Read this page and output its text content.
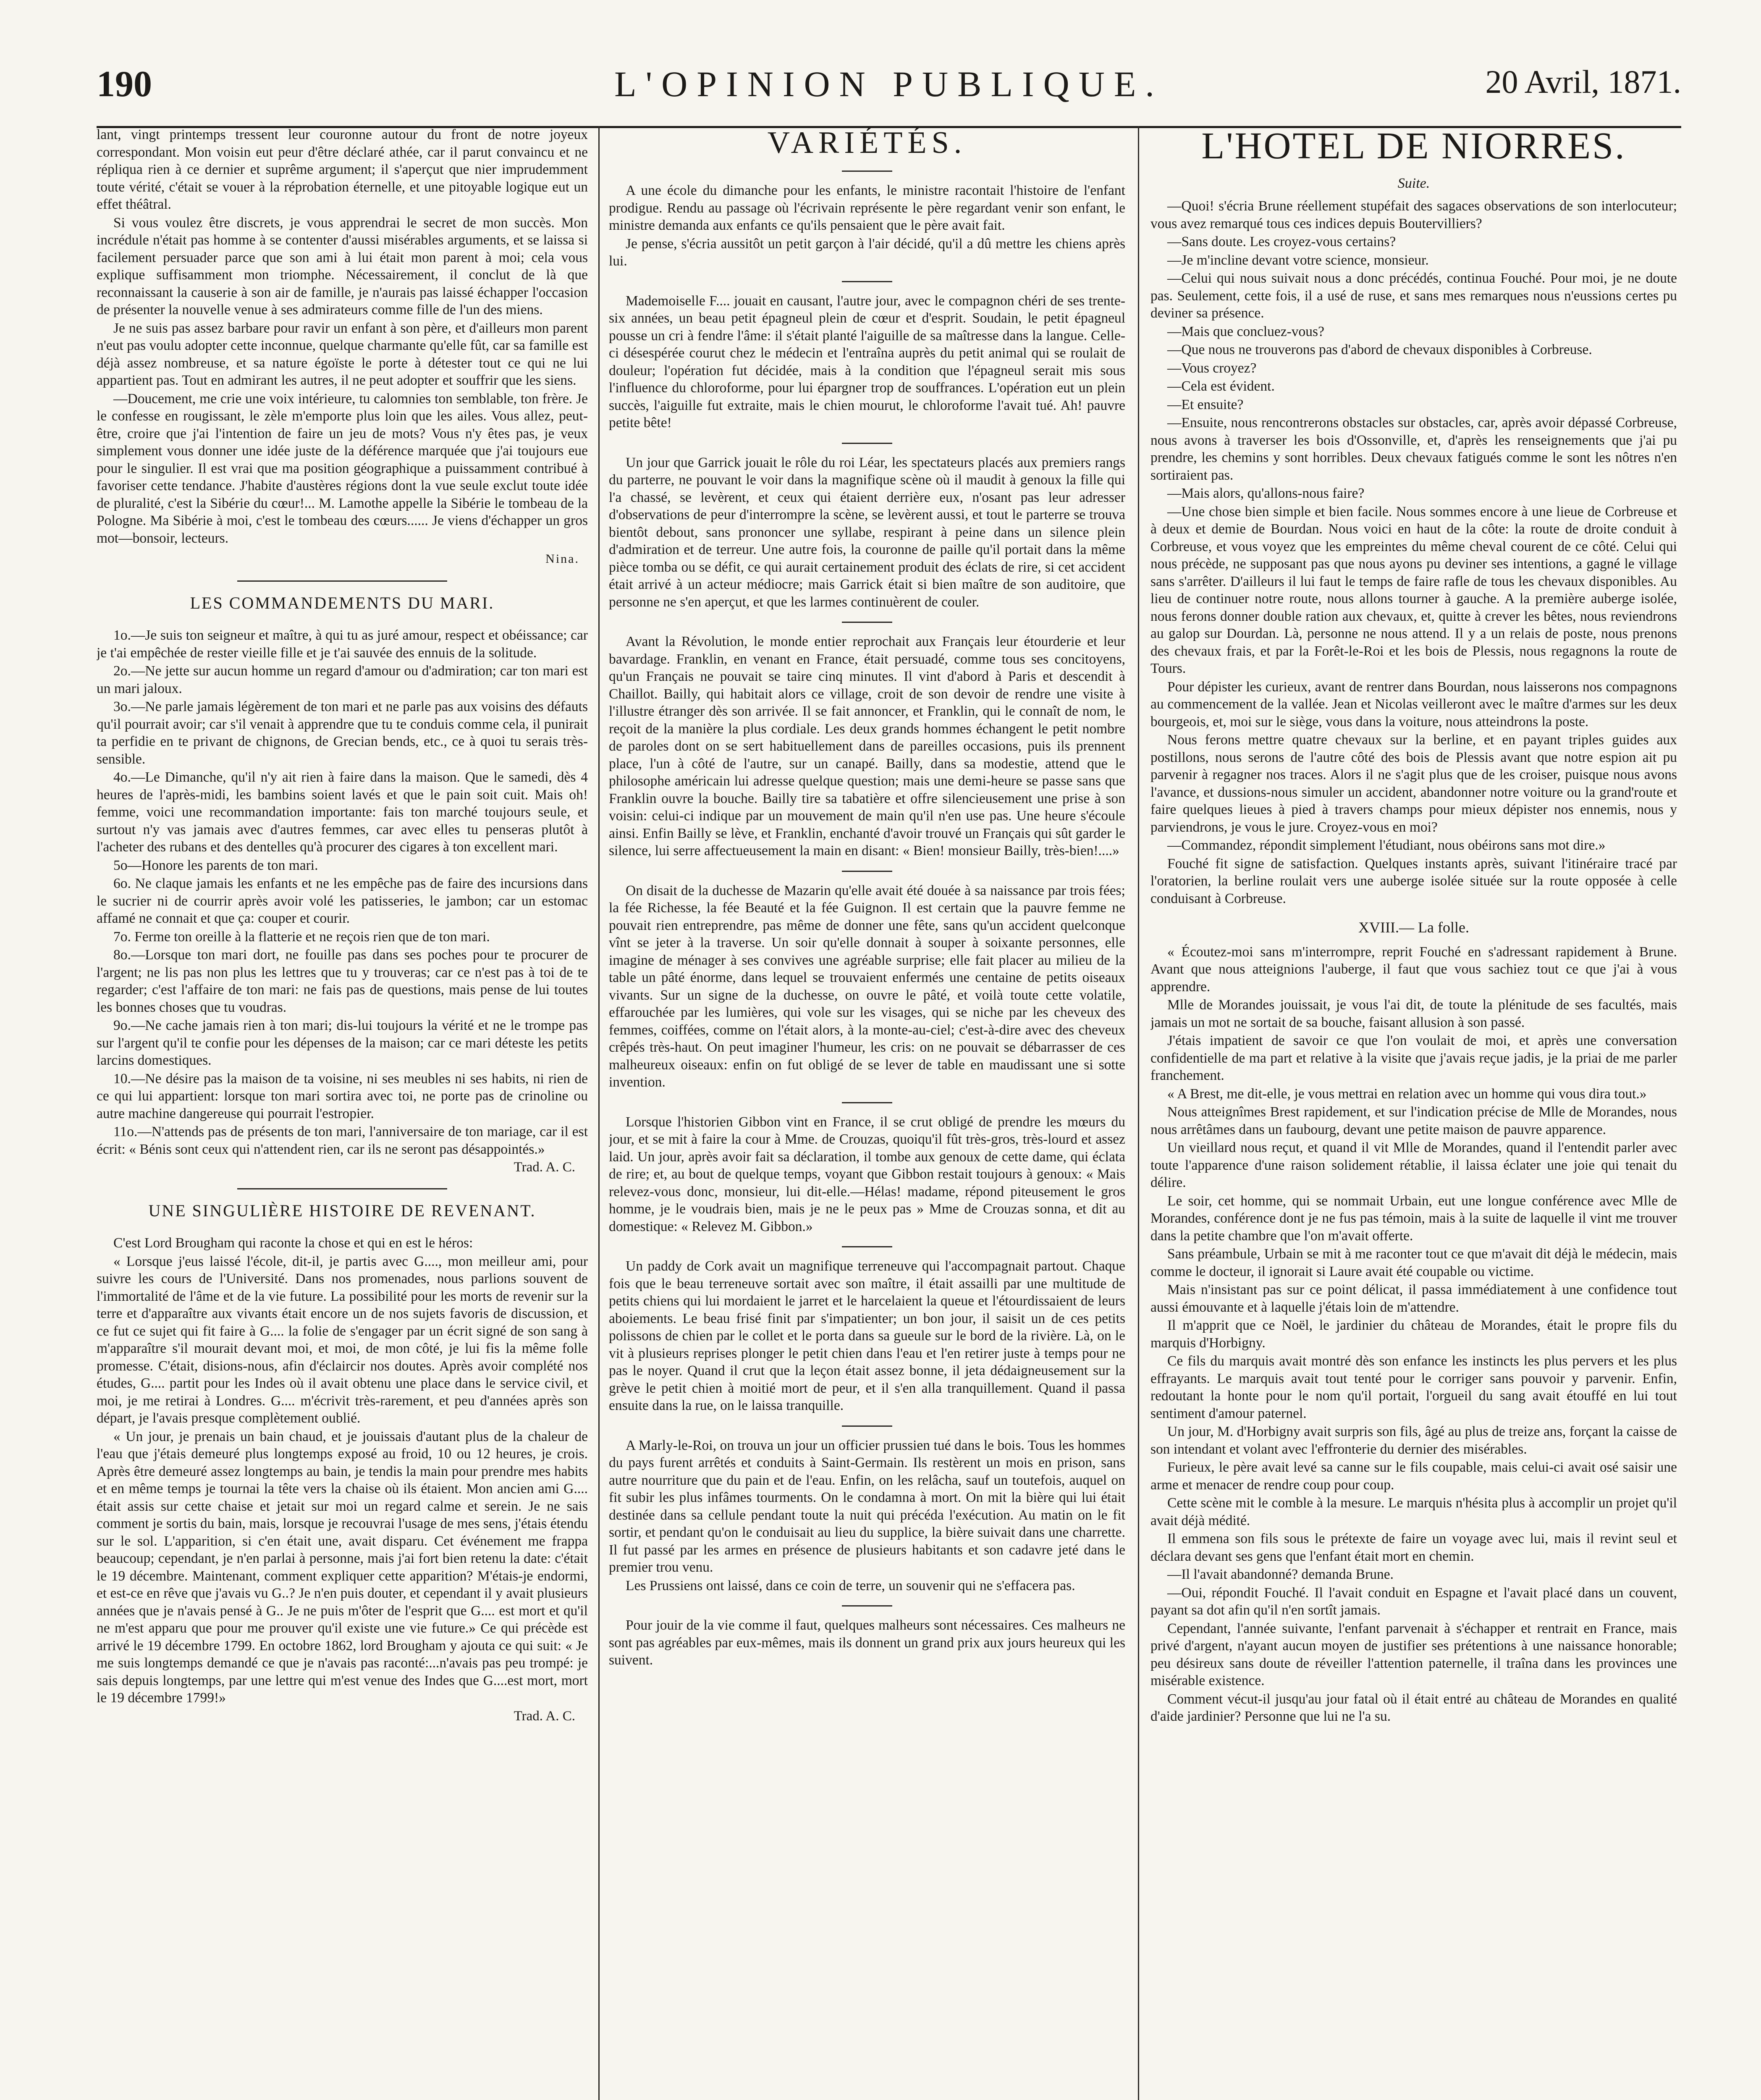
190	L'OPINION PUBLIQUE.	20 Avril, 1871.

lant, vingt printemps tressent leur couronne autour du front de notre joyeux correspondant. Mon voisin eut peur d'être déclaré athée, car il parut convaincu et ne répliqua rien à ce dernier et suprême argument; il s'aperçut que nier imprudemment toute vérité, c'était se vouer à la réprobation éternelle, et une pitoyable logique eut un effet théâtral.

Si vous voulez être discrets, je vous apprendrai le secret de mon succès. Mon incrédule n'était pas homme à se contenter d'aussi misérables arguments, et se laissa si facilement persuader parce que son ami à lui était mon parent à moi; cela vous explique suffisamment mon triomphe. Nécessairement, il conclut de là que reconnaissant la causerie à son air de famille, je n'aurais pas laissé échapper l'occasion de présenter la nouvelle venue à ses admirateurs comme fille de l'un des miens.

Je ne suis pas assez barbare pour ravir un enfant à son père, et d'ailleurs mon parent n'eut pas voulu adopter cette inconnue, quelque charmante qu'elle fût, car sa famille est déjà assez nombreuse, et sa nature égoïste le porte à détester tout ce qui ne lui appartient pas. Tout en admirant les autres, il ne peut adopter et souffrir que les siens.

—Doucement, me crie une voix intérieure, tu calomnies ton semblable, ton frère. Je le confesse en rougissant, le zèle m'emporte plus loin que les ailes. Vous allez, peut-être, croire que j'ai l'intention de faire un jeu de mots? Vous n'y êtes pas, je veux simplement vous donner une idée juste de la déférence marquée que j'ai toujours eue pour le singulier. Il est vrai que ma position géographique a puissamment contribué à favoriser cette tendance. J'habite d'austères régions dont la vue seule exclut toute idée de pluralité, c'est la Sibérie du cœur!... M. Lamothe appelle la Sibérie le tombeau de la Pologne. Ma Sibérie à moi, c'est le tombeau des cœurs...... Je viens d'échapper un gros mot—bonsoir, lecteurs.

Nina.

LES COMMANDEMENTS DU MARI.

1o.—Je suis ton seigneur et maître, à qui tu as juré amour, respect et obéissance; car je t'ai empêchée de rester vieille fille et je t'ai sauvée des ennuis de la solitude.

2o.—Ne jette sur aucun homme un regard d'amour ou d'admiration; car ton mari est un mari jaloux.

3o.—Ne parle jamais légèrement de ton mari et ne parle pas aux voisins des défauts qu'il pourrait avoir; car s'il venait à apprendre que tu te conduis comme cela, il punirait ta perfidie en te privant de chignons, de Grecian bends, etc., ce à quoi tu serais très-sensible.

4o.—Le Dimanche, qu'il n'y ait rien à faire dans la maison. Que le samedi, dès 4 heures de l'après-midi, les bambins soient lavés et que le pain soit cuit. Mais oh! femme, voici une recommandation importante: fais ton marché toujours seule, et surtout n'y vas jamais avec d'autres femmes, car avec elles tu penseras plutôt à l'acheter des rubans et des dentelles qu'à procurer des cigares à ton excellent mari.

5o—Honore les parents de ton mari.

6o. Ne claque jamais les enfants et ne les empêche pas de faire des incursions dans le sucrier ni de courrir après avoir volé les patisseries, le jambon; car un estomac affamé ne connait et que ça: couper et courir.

7o. Ferme ton oreille à la flatterie et ne reçois rien que de ton mari.

8o.—Lorsque ton mari dort, ne fouille pas dans ses poches pour te procurer de l'argent; ne lis pas non plus les lettres que tu y trouveras; car ce n'est pas à toi de te regarder; c'est l'affaire de ton mari: ne fais pas de questions, mais pense de lui toutes les bonnes choses que tu voudras.

9o.—Ne cache jamais rien à ton mari; dis-lui toujours la vérité et ne le trompe pas sur l'argent qu'il te confie pour les dépenses de la maison; car ce mari déteste les petits larcins domestiques.

10.—Ne désire pas la maison de ta voisine, ni ses meubles ni ses habits, ni rien de ce qui lui appartient: lorsque ton mari sortira avec toi, ne porte pas de crinoline ou autre machine dangereuse qui pourrait l'estropier.

11o.—N'attends pas de présents de ton mari, l'anniversaire de ton mariage, car il est écrit: « Bénis sont ceux qui n'attendent rien, car ils ne seront pas désappointés.»

Trad. A. C.

UNE SINGULIÈRE HISTOIRE DE REVENANT.

C'est Lord Brougham qui raconte la chose et qui en est le héros:

« Lorsque j'eus laissé l'école, dit-il, je partis avec G...., mon meilleur ami, pour suivre les cours de l'Université. Dans nos promenades, nous parlions souvent de l'immortalité de l'âme et de la vie future. La possibilité pour les morts de revenir sur la terre et d'apparaître aux vivants était encore un de nos sujets favoris de discussion, et ce fut ce sujet qui fit faire à G.... la folie de s'engager par un écrit signé de son sang à m'apparaître s'il mourait devant moi, et moi, de mon côté, je lui fis la même folle promesse. C'était, disions-nous, afin d'éclaircir nos doutes. Après avoir complété nos études, G.... partit pour les Indes où il avait obtenu une place dans le service civil, et moi, je me retirai à Londres. G.... m'écrivit très-rarement, et peu d'années après son départ, je l'avais presque complètement oublié.

« Un jour, je prenais un bain chaud, et je jouissais d'autant plus de la chaleur de l'eau que j'étais demeuré plus longtemps exposé au froid, 10 ou 12 heures, je crois. Après être demeuré assez longtemps au bain, je tendis la main pour prendre mes habits et en même temps je tournai la tête vers la chaise où ils étaient. Mon ancien ami G.... était assis sur cette chaise et jetait sur moi un regard calme et serein. Je ne sais comment je sortis du bain, mais, lorsque je recouvrai l'usage de mes sens, j'étais étendu sur le sol. L'apparition, si c'en était une, avait disparu. Cet événement me frappa beaucoup; cependant, je n'en parlai à personne, mais j'ai fort bien retenu la date: c'était le 19 décembre. Maintenant, comment expliquer cette apparition? M'étais-je endormi, et est-ce en rêve que j'avais vu G..? Je n'en puis douter, et cependant il y avait plusieurs années que je n'avais pensé à G.. Je ne puis m'ôter de l'esprit que G.... est mort et qu'il ne m'est apparu que pour me prouver qu'il existe une vie future.» Ce qui précède est arrivé le 19 décembre 1799. En octobre 1862, lord Brougham y ajouta ce qui suit: « Je me suis longtemps demandé ce que je n'avais pas raconté:...n'avais pas peu trompé: je sais depuis longtemps, par une lettre qui m'est venue des Indes que G....est mort, mort le 19 décembre 1799!»

Trad. A. C.

VARIÉTÉS.

A une école du dimanche pour les enfants, le ministre racontait l'histoire de l'enfant prodigue. Rendu au passage où l'écrivain représente le père regardant venir son enfant, le ministre demanda aux enfants ce qu'ils pensaient que le père avait fait.

Je pense, s'écria aussitôt un petit garçon à l'air décidé, qu'il a dû mettre les chiens après lui.

Mademoiselle F.... jouait en causant, l'autre jour, avec le compagnon chéri de ses trente-six années, un beau petit épagneul plein de cœur et d'esprit. Soudain, le petit épagneul pousse un cri à fendre l'âme: il s'était planté l'aiguille de sa maîtresse dans la langue. Celle-ci désespérée courut chez le médecin et l'entraîna auprès du petit animal qui se roulait de douleur; l'opération fut décidée, mais à la condition que l'épagneul serait mis sous l'influence du chloroforme, pour lui épargner trop de souffrances. L'opération eut un plein succès, l'aiguille fut extraite, mais le chien mourut, le chloroforme l'avait tué. Ah! pauvre petite bête!

Un jour que Garrick jouait le rôle du roi Léar, les spectateurs placés aux premiers rangs du parterre, ne pouvant le voir dans la magnifique scène où il maudit à genoux la fille qui l'a chassé, se levèrent, et ceux qui étaient derrière eux, n'osant pas leur adresser d'observations de peur d'interrompre la scène, se levèrent aussi, et tout le parterre se trouva bientôt debout, sans prononcer une syllabe, respirant à peine dans un silence plein d'admiration et de terreur. Une autre fois, la couronne de paille qu'il portait dans la même pièce tomba ou se défit, ce qui aurait certainement produit des éclats de rire, si cet accident était arrivé à un acteur médiocre; mais Garrick était si bien maître de son auditoire, que personne ne s'en aperçut, et que les larmes continuèrent de couler.

Avant la Révolution, le monde entier reprochait aux Français leur étourderie et leur bavardage. Franklin, en venant en France, était persuadé, comme tous ses concitoyens, qu'un Français ne pouvait se taire cinq minutes. Il vint d'abord à Paris et descendit à Chaillot. Bailly, qui habitait alors ce village, croit de son devoir de rendre une visite à l'illustre étranger dès son arrivée. Il se fait annoncer, et Franklin, qui le connaît de nom, le reçoit de la manière la plus cordiale. Les deux grands hommes échangent le petit nombre de paroles dont on se sert habituellement dans de pareilles occasions, puis ils prennent place, l'un à côté de l'autre, sur un canapé. Bailly, dans sa modestie, attend que le philosophe américain lui adresse quelque question; mais une demi-heure se passe sans que Franklin ouvre la bouche. Bailly tire sa tabatière et offre silencieusement une prise à son voisin: celui-ci indique par un mouvement de main qu'il n'en use pas. Une heure s'écoule ainsi. Enfin Bailly se lève, et Franklin, enchanté d'avoir trouvé un Français qui sût garder le silence, lui serre affectueusement la main en disant: « Bien! monsieur Bailly, très-bien!....»

On disait de la duchesse de Mazarin qu'elle avait été douée à sa naissance par trois fées; la fée Richesse, la fée Beauté et la fée Guignon. Il est certain que la pauvre femme ne pouvait rien entreprendre, pas même de donner une fête, sans qu'un accident quelconque vînt se jeter à la traverse. Un soir qu'elle donnait à souper à soixante personnes, elle imagine de ménager à ses convives une agréable surprise; elle fait placer au milieu de la table un pâté énorme, dans lequel se trouvaient enfermés une centaine de petits oiseaux vivants. Sur un signe de la duchesse, on ouvre le pâté, et voilà toute cette volatile, effarouchée par les lumières, qui vole sur les visages, qui se niche par les cheveux des femmes, coiffées, comme on l'était alors, à la monte-au-ciel; c'est-à-dire avec des cheveux crêpés très-haut. On peut imaginer l'humeur, les cris: on ne pouvait se débarrasser de ces malheureux oiseaux: enfin on fut obligé de se lever de table en maudissant une si sotte invention.

Lorsque l'historien Gibbon vint en France, il se crut obligé de prendre les mœurs du jour, et se mit à faire la cour à Mme. de Crouzas, quoiqu'il fût très-gros, très-lourd et assez laid. Un jour, après avoir fait sa déclaration, il tombe aux genoux de cette dame, qui éclata de rire; et, au bout de quelque temps, voyant que Gibbon restait toujours à genoux: « Mais relevez-vous donc, monsieur, lui dit-elle.—Hélas! madame, répond piteusement le gros homme, je le voudrais bien, mais je ne le peux pas » Mme de Crouzas sonna, et dit au domestique: « Relevez M. Gibbon.»

Un paddy de Cork avait un magnifique terreneuve qui l'accompagnait partout. Chaque fois que le beau terreneuve sortait avec son maître, il était assailli par une multitude de petits chiens qui lui mordaient le jarret et le harcelaient la queue et l'étourdissaient de leurs aboiements. Le beau frisé finit par s'impatienter; un bon jour, il saisit un de ces petits polissons de chien par le collet et le porta dans sa gueule sur le bord de la rivière. Là, on le vit à plusieurs reprises plonger le petit chien dans l'eau et l'en retirer juste à temps pour ne pas le noyer. Quand il crut que la leçon était assez bonne, il jeta dédaigneusement sur la grève le petit chien à moitié mort de peur, et il s'en alla tranquillement. Quand il passa ensuite dans la rue, on le laissa tranquille.

A Marly-le-Roi, on trouva un jour un officier prussien tué dans le bois. Tous les hommes du pays furent arrêtés et conduits à Saint-Germain. Ils restèrent un mois en prison, sans autre nourriture que du pain et de l'eau. Enfin, on les relâcha, sauf un toutefois, auquel on fit subir les plus infâmes tourments. On le condamna à mort. On mit la bière qui lui était destinée dans sa cellule pendant toute la nuit qui précéda l'exécution. Au matin on le fit sortir, et pendant qu'on le conduisait au lieu du supplice, la bière suivait dans une charrette. Il fut passé par les armes en présence de plusieurs habitants et son cadavre jeté dans le premier trou venu.

Les Prussiens ont laissé, dans ce coin de terre, un souvenir qui ne s'effacera pas.

Pour jouir de la vie comme il faut, quelques malheurs sont nécessaires. Ces malheurs ne sont pas agréables par eux-mêmes, mais ils donnent un grand prix aux jours heureux qui les suivent.

L'HOTEL DE NIORRES.
Suite.

—Quoi! s'écria Brune réellement stupéfait des sagaces observations de son interlocuteur; vous avez remarqué tous ces indices depuis Boutervilliers?

—Sans doute. Les croyez-vous certains?

—Je m'incline devant votre science, monsieur.

—Celui qui nous suivait nous a donc précédés, continua Fouché. Pour moi, je ne doute pas. Seulement, cette fois, il a usé de ruse, et sans mes remarques nous n'eussions certes pu deviner sa présence.

—Mais que concluez-vous?

—Que nous ne trouverons pas d'abord de chevaux disponibles à Corbreuse.

—Vous croyez?

—Cela est évident.

—Et ensuite?

—Ensuite, nous rencontrerons obstacles sur obstacles, car, après avoir dépassé Corbreuse, nous avons à traverser les bois d'Ossonville, et, d'après les renseignements que j'ai pu prendre, les chemins y sont horribles. Deux chevaux fatigués comme le sont les nôtres n'en sortiraient pas.

—Mais alors, qu'allons-nous faire?

—Une chose bien simple et bien facile. Nous sommes encore à une lieue de Corbreuse et à deux et demie de Bourdan. Nous voici en haut de la côte: la route de droite conduit à Corbreuse, et vous voyez que les empreintes du même cheval courent de ce côté. Celui qui nous précède, ne supposant pas que nous ayons pu deviner ses intentions, a gagné le village sans s'arrêter. D'ailleurs il lui faut le temps de faire rafle de tous les chevaux disponibles. Au lieu de continuer notre route, nous allons tourner à gauche. A la première auberge isolée, nous ferons donner double ration aux chevaux, et, quitte à crever les bêtes, nous reviendrons au galop sur Dourdan. Là, personne ne nous attend. Il y a un relais de poste, nous prenons des chevaux frais, et par la Forêt-le-Roi et les bois de Plessis, nous regagnons la route de Tours.

Pour dépister les curieux, avant de rentrer dans Bourdan, nous laisserons nos compagnons au commencement de la vallée. Jean et Nicolas veilleront avec le maître d'armes sur les deux bourgeois, et, moi sur le siège, vous dans la voiture, nous atteindrons la poste.

Nous ferons mettre quatre chevaux sur la berline, et en payant triples guides aux postillons, nous serons de l'autre côté des bois de Plessis avant que notre espion ait pu parvenir à regagner nos traces. Alors il ne s'agit plus que de les croiser, puisque nous avons l'avance, et dussions-nous simuler un accident, abandonner notre voiture ou la grand'route et faire quelques lieues à pied à travers champs pour mieux dépister nos ennemis, nous y parviendrons, je vous le jure. Croyez-vous en moi?

—Commandez, répondit simplement l'étudiant, nous obéirons sans mot dire.»

Fouché fit signe de satisfaction. Quelques instants après, suivant l'itinéraire tracé par l'oratorien, la berline roulait vers une auberge isolée située sur la route opposée à celle conduisant à Corbreuse.

XVIII.— La folle.

« Écoutez-moi sans m'interrompre, reprit Fouché en s'adressant rapidement à Brune. Avant que nous atteignions l'auberge, il faut que vous sachiez tout ce que j'ai à vous apprendre.

Mlle de Morandes jouissait, je vous l'ai dit, de toute la plénitude de ses facultés, mais jamais un mot ne sortait de sa bouche, faisant allusion à son passé.

J'étais impatient de savoir ce que l'on voulait de moi, et après une conversation confidentielle de ma part et relative à la visite que j'avais reçue jadis, je la priai de me parler franchement.

« A Brest, me dit-elle, je vous mettrai en relation avec un homme qui vous dira tout.»

Nous atteignîmes Brest rapidement, et sur l'indication précise de Mlle de Morandes, nous nous arrêtâmes dans un faubourg, devant une petite maison de pauvre apparence.

Un vieillard nous reçut, et quand il vit Mlle de Morandes, quand il l'entendit parler avec toute l'apparence d'une raison solidement rétablie, il laissa éclater une joie qui tenait du délire.

Le soir, cet homme, qui se nommait Urbain, eut une longue conférence avec Mlle de Morandes, conférence dont je ne fus pas témoin, mais à la suite de laquelle il vint me trouver dans la petite chambre que l'on m'avait offerte.

Sans préambule, Urbain se mit à me raconter tout ce que m'avait dit déjà le médecin, mais comme le docteur, il ignorait si Laure avait été coupable ou victime.

Mais n'insistant pas sur ce point délicat, il passa immédiatement à une confidence tout aussi émouvante et à laquelle j'étais loin de m'attendre.

Il m'apprit que ce Noël, le jardinier du château de Morandes, était le propre fils du marquis d'Horbigny.

Ce fils du marquis avait montré dès son enfance les instincts les plus pervers et les plus effrayants. Le marquis avait tout tenté pour le corriger sans pouvoir y parvenir. Enfin, redoutant la honte pour le nom qu'il portait, l'orgueil du sang avait étouffé en lui tout sentiment d'amour paternel.

Un jour, M. d'Horbigny avait surpris son fils, âgé au plus de treize ans, forçant la caisse de son intendant et volant avec l'effronterie du dernier des misérables.

Furieux, le père avait levé sa canne sur le fils coupable, mais celui-ci avait osé saisir une arme et menacer de rendre coup pour coup.

Cette scène mit le comble à la mesure. Le marquis n'hésita plus à accomplir un projet qu'il avait déjà médité.

Il emmena son fils sous le prétexte de faire un voyage avec lui, mais il revint seul et déclara devant ses gens que l'enfant était mort en chemin.

—Il l'avait abandonné? demanda Brune.

—Oui, répondit Fouché. Il l'avait conduit en Espagne et l'avait placé dans un couvent, payant sa dot afin qu'il n'en sortît jamais.

Cependant, l'année suivante, l'enfant parvenait à s'échapper et rentrait en France, mais privé d'argent, n'ayant aucun moyen de justifier ses prétentions à une naissance honorable; peu désireux sans doute de réveiller l'attention paternelle, il traîna dans les provinces une misérable existence.

Comment vécut-il jusqu'au jour fatal où il était entré au château de Morandes en qualité d'aide jardinier? Personne que lui ne l'a su.
